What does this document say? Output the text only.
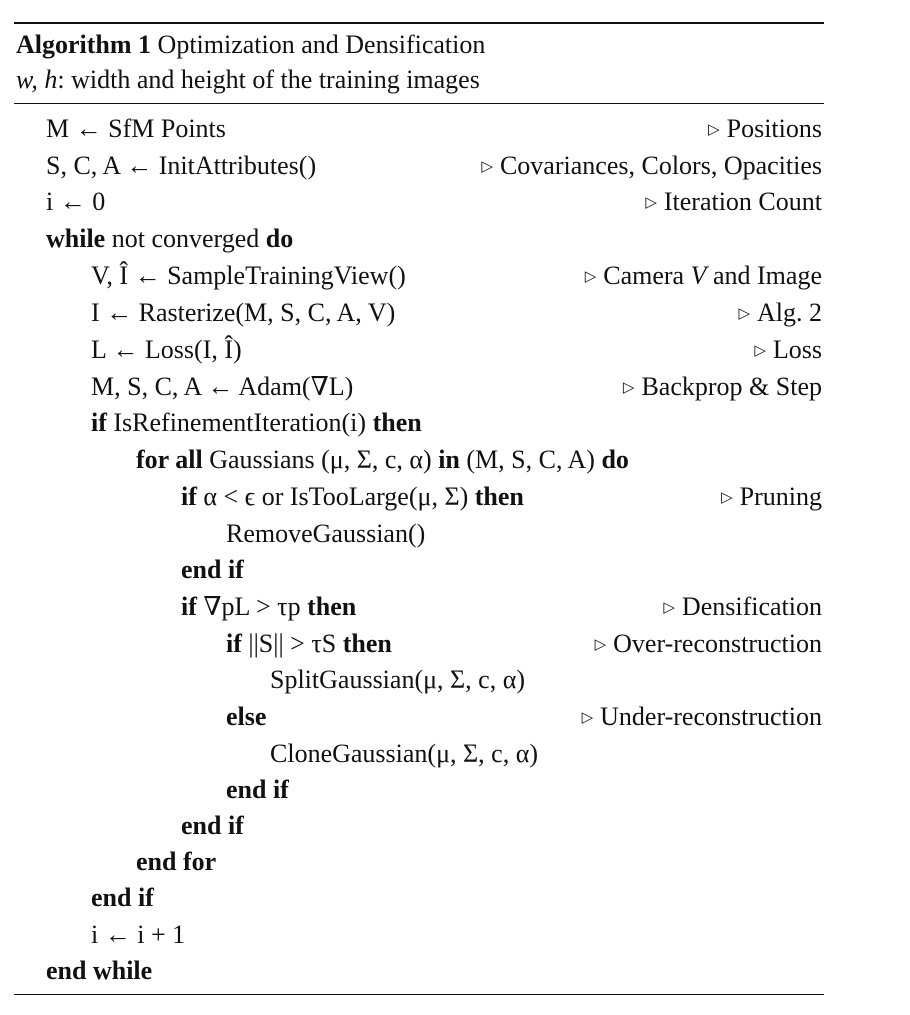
Algorithm 1 Optimization and Densification
w, h: width and height of the training images
M ← SfM Points	▷ Positions
S, C, A ← InitAttributes()	▷ Covariances, Colors, Opacities
i ← 0	▷ Iteration Count
while not converged do
V, Î ← SampleTrainingView()	▷ Camera V and Image
I ← Rasterize(M, S, C, A, V)	▷ Alg. 2
L ← Loss(I, Î)	▷ Loss
M, S, C, A ← Adam(∇L)	▷ Backprop & Step
if IsRefinementIteration(i) then
for all Gaussians (μ, Σ, c, α) in (M, S, C, A) do
if α < ϵ or IsTooLarge(μ, Σ) then	▷ Pruning
RemoveGaussian()
end if
if ∇pL > τp then	▷ Densification
if ||S|| > τS then	▷ Over-reconstruction
SplitGaussian(μ, Σ, c, α)
else	▷ Under-reconstruction
CloneGaussian(μ, Σ, c, α)
end if
end if
end for
end if
i ← i + 1
end while
